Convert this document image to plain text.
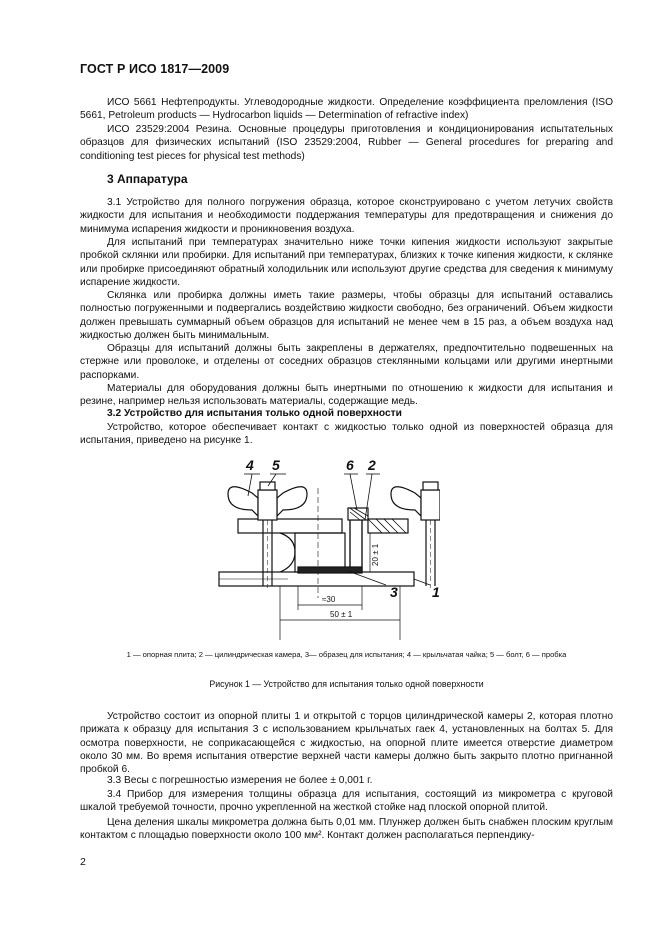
ГОСТ Р ИСО 1817—2009
ИСО 5661 Нефтепродукты. Углеводородные жидкости. Определение коэффициента преломления (ISO 5661, Petroleum products — Hydrocarbon liquids — Determination of refractive index)
ИСО 23529:2004 Резина. Основные процедуры приготовления и кондиционирования испытательных образцов для физических испытаний (ISO 23529:2004, Rubber — General procedures for preparing and conditioning test pieces for physical test methods)
3 Аппаратура
3.1 Устройство для полного погружения образца, которое сконструировано с учетом летучих свойств жидкости для испытания и необходимости поддержания температуры для предотвращения и снижения до минимума испарения жидкости и проникновения воздуха.
Для испытаний при температурах значительно ниже точки кипения жидкости используют закрытые пробкой склянки или пробирки. Для испытаний при температурах, близких к точке кипения жидкости, к склянке или пробирке присоединяют обратный холодильник или используют другие средства для сведения к минимуму испарение жидкости.
Склянка или пробирка должны иметь такие размеры, чтобы образцы для испытаний оставались полностью погруженными и подвергались воздействию жидкости свободно, без ограничений. Объем жидкости должен превышать суммарный объем образцов для испытаний не менее чем в 15 раз, а объем воздуха над жидкостью должен быть минимальным.
Образцы для испытаний должны быть закреплены в держателях, предпочтительно подвешенных на стержне или проволоке, и отделены от соседних образцов стеклянными кольцами или другими инертными распорками.
Материалы для оборудования должны быть инертными по отношению к жидкости для испытания и резине, например нельзя использовать материалы, содержащие медь.
3.2 Устройство для испытания только одной поверхности
Устройство, которое обеспечивает контакт с жидкостью только одной из поверхностей образца для испытания, приведено на рисунке 1.
4 5	6 2
3 1
20 ± 1
≈30
50 ± 1
1 — опорная плита; 2 — цилиндрическая камера, 3— образец для испытания; 4 — крыльчатая чайка; 5 — болт, 6 — пробка
Рисунок 1 — Устройство для испытания только одной поверхности
Устройство состоит из опорной плиты 1 и открытой с торцов цилиндрической камеры 2, которая плотно прижата к образцу для испытания 3 с использованием крыльчатых гаек 4, установленных на болтах 5. Для осмотра поверхности, не соприкасающейся с жидкостью, на опорной плите имеется отверстие диаметром около 30 мм. Во время испытания отверстие верхней части камеры должно быть закрыто плотно пригнанной пробкой 6.
3.3 Весы с погрешностью измерения не более ± 0,001 г.
3.4 Прибор для измерения толщины образца для испытания, состоящий из микрометра с круговой шкалой требуемой точности, прочно укрепленной на жесткой стойке над плоской опорной плитой.
Цена деления шкалы микрометра должна быть 0,01 мм. Плунжер должен быть снабжен плоским круглым контактом с площадью поверхности около 100 мм². Контакт должен располагаться перпендику-
2
